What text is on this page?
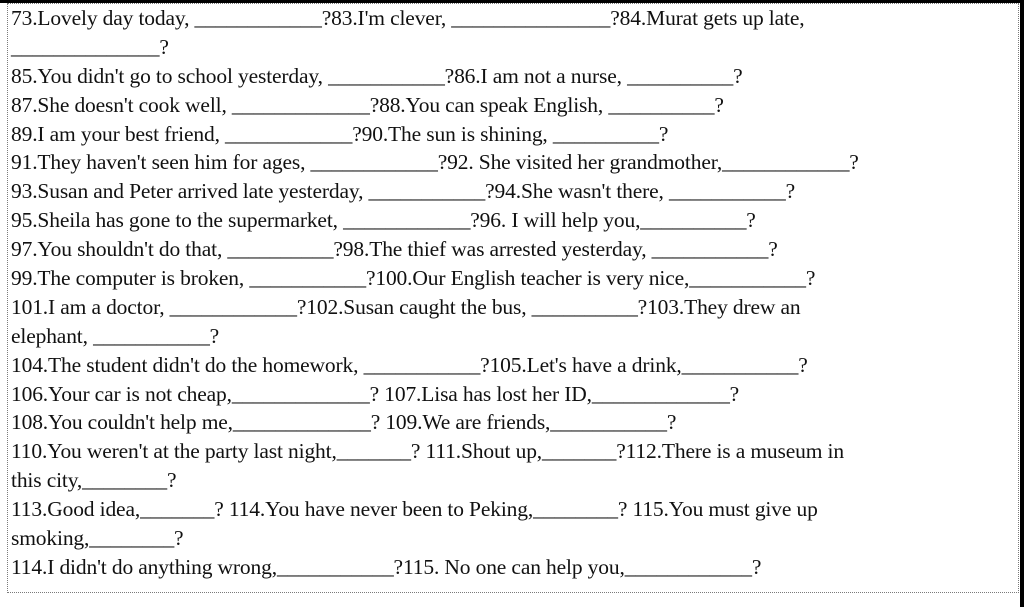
73.Lovely day today, ____________?83.I'm clever, _______________?84.Murat gets up late,
______________?
85.You didn't go to school yesterday, ___________?86.I am not a nurse, __________?
87.She doesn't cook well, _____________?88.You can speak English, __________?
89.I am your best friend, ____________?90.The sun is shining, __________?
91.They haven't seen him for ages, ____________?92. She visited her grandmother,____________?
93.Susan and Peter arrived late yesterday, ___________?94.She wasn't there, ___________?
95.Sheila has gone to the supermarket, ____________?96. I will help you,__________?
97.You shouldn't do that, __________?98.The thief was arrested yesterday, ___________?
99.The computer is broken, ___________?100.Our English teacher is very nice,___________?
101.I am a doctor, ____________?102.Susan caught the bus, __________?103.They drew an
elephant, ___________?
104.The student didn't do the homework, ___________?105.Let's have a drink,___________?
106.Your car is not cheap,_____________? 107.Lisa has lost her ID,_____________?
108.You couldn't help me,_____________? 109.We are friends,___________?
110.You weren't at the party last night,_______? 111.Shout up,_______?112.There is a museum in
this city,________?
113.Good idea,_______? 114.You have never been to Peking,________? 115.You must give up
smoking,________?
114.I didn't do anything wrong,___________?115. No one can help you,____________?
